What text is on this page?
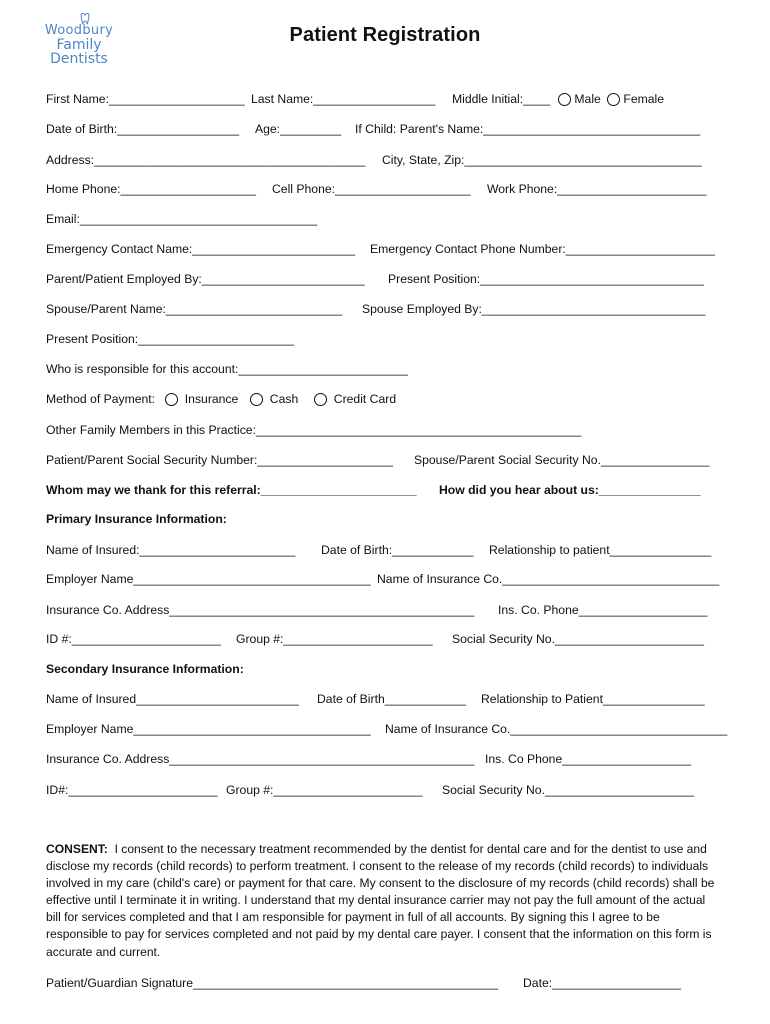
Woodbury
Family
Dentists
Patient Registration
First Name:____________________ Last Name:__________________ Middle Initial:____	Male	Female
Date of Birth:__________________ Age:_________ If Child: Parent's Name:________________________________
Address:________________________________________ City, State, Zip:___________________________________
Home Phone:____________________ Cell Phone:____________________ Work Phone:______________________
Email:___________________________________
Emergency Contact Name:________________________ Emergency Contact Phone Number:______________________
Parent/Patient Employed By:________________________ Present Position:_________________________________
Spouse/Parent Name:__________________________ Spouse Employed By:_________________________________
Present Position:_______________________
Who is responsible for this account:_________________________
Method of Payment:	Insurance	Cash	Credit Card
Other Family Members in this Practice:________________________________________________
Patient/Parent Social Security Number:____________________ Spouse/Parent Social Security No.________________
Whom may we thank for this referral:_______________________ How did you hear about us:_______________
Primary Insurance Information:
Name of Insured:_______________________ Date of Birth:____________ Relationship to patient_______________
Employer Name___________________________________ Name of Insurance Co.________________________________
Insurance Co. Address_____________________________________________ Ins. Co. Phone___________________
ID #:______________________ Group #:______________________ Social Security No.______________________
Secondary Insurance Information:
Name of Insured________________________ Date of Birth____________ Relationship to Patient_______________
Employer Name___________________________________ Name of Insurance Co.________________________________
Insurance Co. Address_____________________________________________ Ins. Co Phone___________________
ID#:______________________ Group #:______________________ Social Security No.______________________
CONSENT: I consent to the necessary treatment recommended by the dentist for dental care and for the dentist to use and disclose my records (child records) to perform treatment. I consent to the release of my records (child records) to individuals involved in my care (child's care) or payment for that care. My consent to the disclosure of my records (child records) shall be effective until I terminate it in writing. I understand that my dental insurance carrier may not pay the full amount of the actual bill for services completed and that I am responsible for payment in full of all accounts. By signing this I agree to be responsible to pay for services completed and not paid by my dental care payer. I consent that the information on this form is accurate and current.
Patient/Guardian Signature_____________________________________________ Date:___________________
